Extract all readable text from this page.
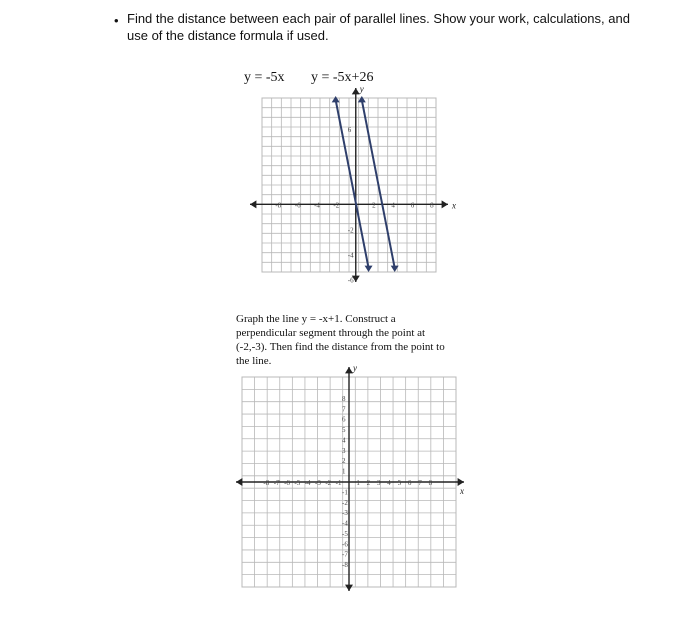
• Find the distance between each pair of parallel lines. Show your work, calculations, and use of the distance formula if used.
y = -5x y = -5x+26
x
y
-8 -6 -4 -2	2 4 6 8
6
-2
-4
-6
Graph the line y = -x+1. Construct a perpendicular segment through the point at (-2,-3). Then find the distance from the point to the line.
x
y
-8 -7 -6 -5 -4 -3 -2 -1 1 2 3 4 5 6 7 8
8
7
6
5
4
3
2
1
-1
-2
-3
-4
-5
-6
-7
-8
